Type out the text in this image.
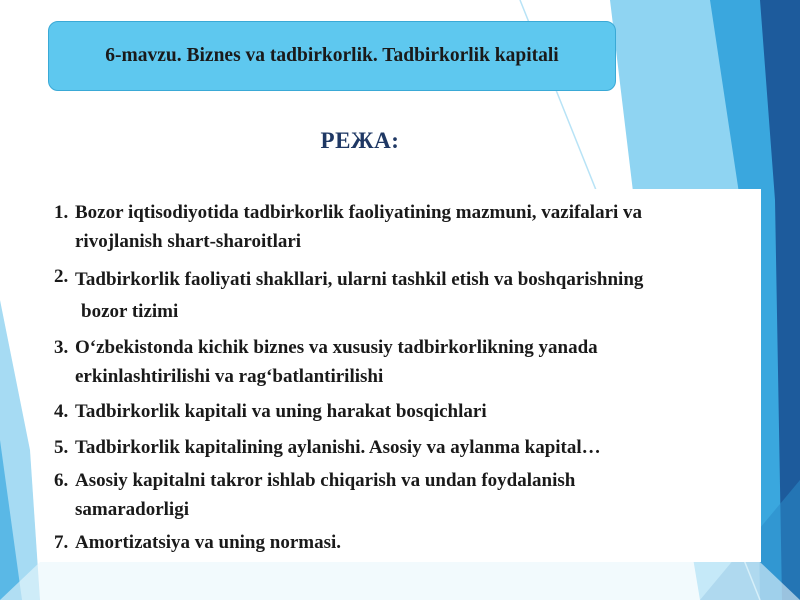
6-mavzu. Biznes va tadbirkorlik. Tadbirkorlik kapitali
РЕЖА:
1. Bozor iqtisodiyotida tadbirkorlik faoliyatining mazmuni, vazifalari va
rivojlanish shart-sharoitlari
2. Tadbirkorlik faoliyati shakllari, ularni tashkil etish va boshqarishning
bozor tizimi
3. O‘zbekistonda kichik biznes va xususiy tadbirkorlikning yanada
erkinlashtirilishi va rag‘batlantirilishi
4. Tadbirkorlik kapitali va uning harakat bosqichlari
5. Tadbirkorlik kapitalining aylanishi. Asosiy va aylanma kapital…
6. Asosiy kapitalni takror ishlab chiqarish va undan foydalanish
samaradorligi
7. Amortizatsiya va uning normasi.
